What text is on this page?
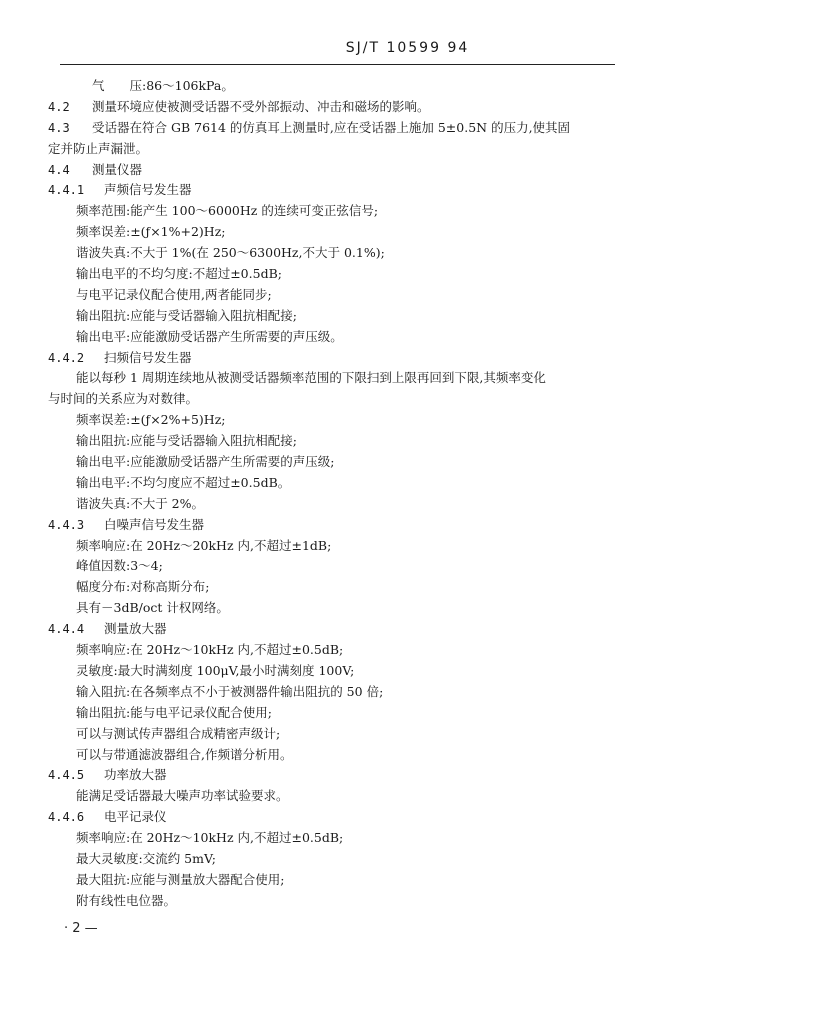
SJ/T 10599 94
气　　压:86～106kPa。
4.2 测量环境应使被测受话器不受外部振动、冲击和磁场的影响。
4.3 受话器在符合 GB 7614 的仿真耳上测量时,应在受话器上施加 5±0.5N 的压力,使其固
定并防止声漏泄。
4.4 测量仪器
4.4.1 声频信号发生器
频率范围:能产生 100～6000Hz 的连续可变正弦信号;
频率误差:±(ƒ×1%+2)Hz;
谐波失真:不大于 1%(在 250～6300Hz,不大于 0.1%);
输出电平的不均匀度:不超过±0.5dB;
与电平记录仪配合使用,两者能同步;
输出阻抗:应能与受话器输入阻抗相配接;
输出电平:应能激励受话器产生所需要的声压级。
4.4.2 扫频信号发生器
能以每秒 1 周期连续地从被测受话器频率范围的下限扫到上限再回到下限,其频率变化
与时间的关系应为对数律。
频率误差:±(ƒ×2%+5)Hz;
输出阻抗:应能与受话器输入阻抗相配接;
输出电平:应能激励受话器产生所需要的声压级;
输出电平:不均匀度应不超过±0.5dB。
谐波失真:不大于 2%。
4.4.3 白噪声信号发生器
频率响应:在 20Hz～20kHz 内,不超过±1dB;
峰值因数:3～4;
幅度分布:对称高斯分布;
具有－3dB/oct 计权网络。
4.4.4 测量放大器
频率响应:在 20Hz～10kHz 内,不超过±0.5dB;
灵敏度:最大时满刻度 100μV,最小时满刻度 100V;
输入阻抗:在各频率点不小于被测器件输出阻抗的 50 倍;
输出阻抗:能与电平记录仪配合使用;
可以与测试传声器组合成精密声级计;
可以与带通滤波器组合,作频谱分析用。
4.4.5 功率放大器
能满足受话器最大噪声功率试验要求。
4.4.6 电平记录仪
频率响应:在 20Hz～10kHz 内,不超过±0.5dB;
最大灵敏度:交流约 5mV;
最大阻抗:应能与测量放大器配合使用;
附有线性电位器。
· 2 —
